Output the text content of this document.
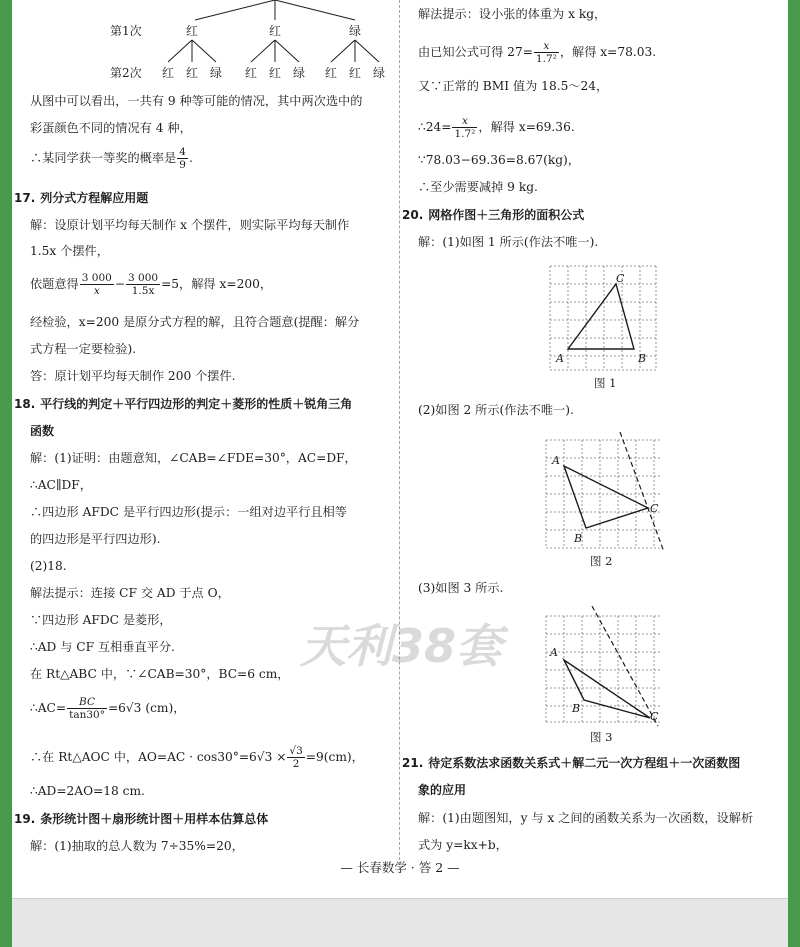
第1次	红	红	绿
第2次 红 红 绿 红 红 绿 红 红 绿
从图中可以看出，一共有 9 种等可能的情况，其中两次选中的
彩蛋颜色不同的情况有 4 种，
∴某同学获一等奖的概率是 $\frac{4}{9}$ .
17. 列分式方程解应用题
解：设原计划平均每天制作 x 个摆件，则实际平均每天制作
1.5x 个摆件，
依题意得 $\frac{3 000}{x} - \frac{3 000}{1.5x} =5$，解得 x=200，
经检验，x=200 是原分式方程的解，且符合题意(提醒：解分
式方程一定要检验).
答：原计划平均每天制作 200 个摆件.
18. 平行线的判定＋平行四边形的判定＋菱形的性质＋锐角三角
函数
解：(1)证明：由题意知，∠CAB=∠FDE=30°，AC=DF，
∴AC∥DF，
∴四边形 AFDC 是平行四边形(提示：一组对边平行且相等
的四边形是平行四边形).
(2)18.
解法提示：连接 CF 交 AD 于点 O，
∵四边形 AFDC 是菱形，
∴AD 与 CF 互相垂直平分.
在 Rt△ABC 中，∵∠CAB=30°，BC=6 cm，
∴AC= $\frac{BC}{\tan 30^\circ} =6√3$ (cm)，
∴在 Rt△AOC 中，$AO=AC \cdot \cos 30^\circ=6√3 \times \frac{√3}{2} =9(cm)$，
∴AD=2AO=18 cm.
19. 条形统计图＋扇形统计图＋用样本估算总体
解：(1)抽取的总人数为 7÷35%=20，
解法提示：设小张的体重为 x kg，
由已知公式可得 $27= \frac{x}{\text{1.7²}}$ ，解得 x=78.03.
又∵正常的 BMI 值为 18.5～24，
∴24= $\frac{x}{\text{1.7²}}$ ，解得 x=69.36.
∵78.03−69.36=8.67(kg)，
∴至少需要减掉 9 kg.
20. 网格作图＋三角形的面积公式
解：(1)如图 1 所示(作法不唯一).
A	B
C
图 1
(2)如图 2 所示(作法不唯一).
A
B
C
图 2
(3)如图 3 所示.
A
B
C
图 3
21. 待定系数法求函数关系式＋解二元一次方程组＋一次函数图
象的应用
解：(1)由题图知，y 与 x 之间的函数关系为一次函数，设解析
式为 y=kx+b，
天利38套
— 长春数学 · 答 2 —
